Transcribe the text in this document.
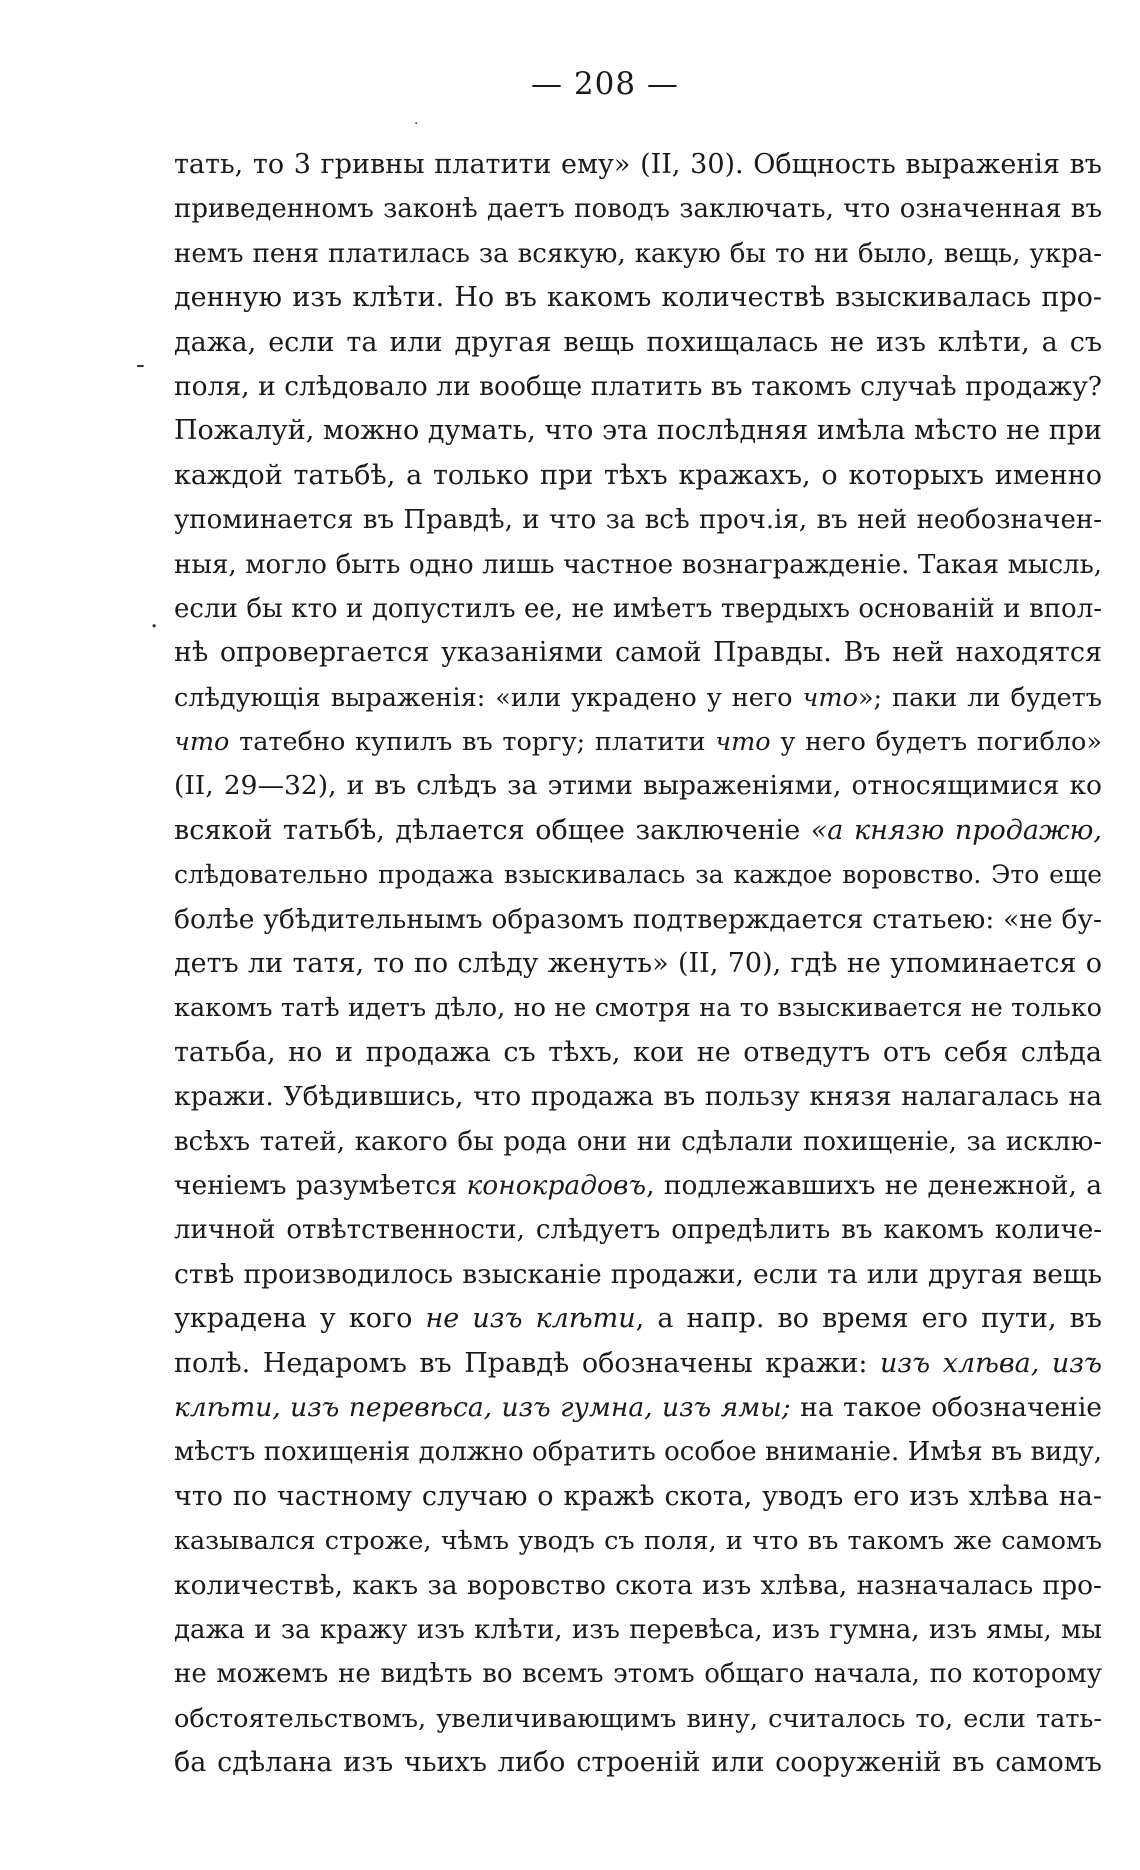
— 208 —
.
-
·
тать, то 3 гривны платити ему» (II, 30). Общность выраженія въ
приведенномъ законѣ даетъ поводъ заключать, что означенная въ
немъ пеня платилась за всякую, какую бы то ни было, вещь, укра-
денную изъ клѣти. Но въ какомъ количествѣ взыскивалась про-
дажа, если та или другая вещь похищалась не изъ клѣти, а съ
поля, и слѣдовало ли вообще платить въ такомъ случаѣ продажу?
Пожалуй, можно думать, что эта послѣдняя имѣла мѣсто не при
каждой татьбѣ, а только при тѣхъ кражахъ, о которыхъ именно
упоминается въ Правдѣ, и что за всѣ проч.ія, въ ней необозначен-
ныя, могло быть одно лишь частное вознагражденіе. Такая мысль,
если бы кто и допустилъ ее, не имѣетъ твердыхъ основаній и впол-
нѣ опровергается указаніями самой Правды. Въ ней находятся
слѣдующія выраженія: «или украдено у него что»; паки ли будетъ
что татебно купилъ въ торгу; платити что у него будетъ погибло»
(II, 29—32), и въ слѣдъ за этими выраженіями, относящимися ко
всякой татьбѣ, дѣлается общее заключеніе «а князю продажю,
слѣдовательно продажа взыскивалась за каждое воровство. Это еще
болѣе убѣдительнымъ образомъ подтверждается статьею: «не бу-
детъ ли татя, то по слѣду женуть» (II, 70), гдѣ не упоминается о
какомъ татѣ идетъ дѣло, но не смотря на то взыскивается не только
татьба, но и продажа съ тѣхъ, кои не отведутъ отъ себя слѣда
кражи. Убѣдившись, что продажа въ пользу князя налагалась на
всѣхъ татей, какого бы рода они ни сдѣлали похищеніе, за исклю-
ченіемъ разумѣется конокрадовъ, подлежавшихъ не денежной, а
личной отвѣтственности, слѣдуетъ опредѣлить въ какомъ количе-
ствѣ производилось взысканіе продажи, если та или другая вещь
украдена у кого не изъ клѣти, а напр. во время его пути, въ
полѣ. Недаромъ въ Правдѣ обозначены кражи: изъ хлѣва, изъ
клѣти, изъ перевѣса, изъ гумна, изъ ямы; на такое обозначеніе
мѣстъ похищенія должно обратить особое вниманіе. Имѣя въ виду,
что по частному случаю о кражѣ скота, уводъ его изъ хлѣва на-
казывался строже, чѣмъ уводъ съ поля, и что въ такомъ же самомъ
количествѣ, какъ за воровство скота изъ хлѣва, назначалась про-
дажа и за кражу изъ клѣти, изъ перевѣса, изъ гумна, изъ ямы, мы
не можемъ не видѣть во всемъ этомъ общаго начала, по которому
обстоятельствомъ, увеличивающимъ вину, считалось то, если тать-
ба сдѣлана изъ чьихъ либо строеній или сооруженій въ самомъ
